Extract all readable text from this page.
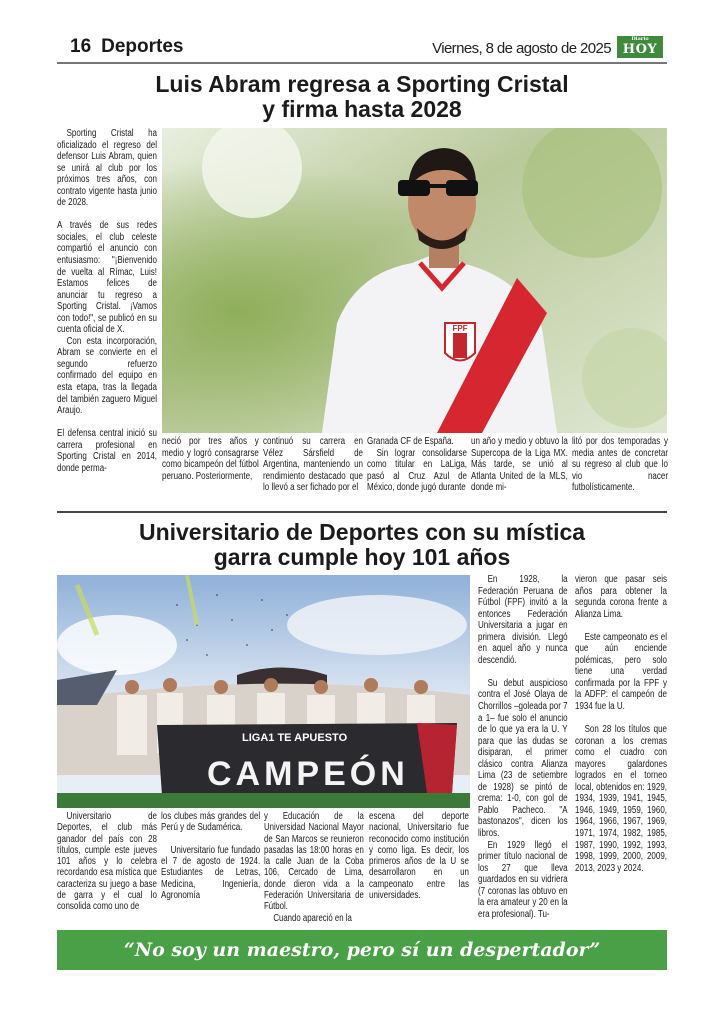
16 Deportes	Viernes, 8 de agosto de 2025
Diario
HOY
Luis Abram regresa a Sporting Cristal
y firma hasta 2028
FPF

Sporting Cristal ha oficializado el regreso del defensor Luis Abram, quien se unirá al club por los próximos tres años, con contrato vigente hasta junio de 2028.

A través de sus redes sociales, el club celeste compartió el anuncio con entusiasmo: "¡Bienvenido de vuelta al Rímac, Luis! Estamos felices de anunciar tu regreso a Sporting Cristal. ¡Vamos con todo!", se publicó en su cuenta oficial de X.

Con esta incorporación, Abram se convierte en el segundo refuerzo confirmado del equipo en esta etapa, tras la llegada del también zaguero Miguel Araujo.

El defensa central inició su carrera profesional en Sporting Cristal en 2014, donde perma-

neció por tres años y medio y logró consagrarse como bicampeón del fútbol peruano. Posteriormente,

continuó su carrera en Vélez Sársfield de Argentina, manteniendo un rendimiento destacado que lo llevó a ser fichado por el

Granada CF de España.

Sin lograr consolidarse como titular en LaLiga, pasó al Cruz Azul de México, donde jugó durante

un año y medio y obtuvo la Supercopa de la Liga MX. Más tarde, se unió al Atlanta United de la MLS, donde mi-

litó por dos temporadas y media antes de concretar su regreso al club que lo vio nacer futbolísticamente.

Universitario de Deportes con su mística
garra cumple hoy 101 años
LIGA1 TE APUESTO
CAMPEÓN

En 1928, la Federación Peruana de Fútbol (FPF) invitó a la entonces Federación Universitaria a jugar en primera división. Llegó en aquel año y nunca descendió.

Su debut auspicioso contra el José Olaya de Chorrillos –goleada por 7 a 1– fue solo el anuncio de lo que ya era la U. Y para que las dudas se disiparan, el primer clásico contra Alianza Lima (23 de setiembre de 1928) se pintó de crema: 1-0, con gol de Pablo Pacheco. "A bastonazos", dicen los libros.

En 1929 llegó el primer título nacional de los 27 que lleva guardados en su vidriera (7 coronas las obtuvo en la era amateur y 20 en la era profesional). Tu-

vieron que pasar seis años para obtener la segunda corona frente a Alianza Lima.

Este campeonato es el que aún enciende polémicas, pero solo tiene una verdad confirmada por la FPF y la ADFP: el campeón de 1934 fue la U.

Son 28 los títulos que coronan a los cremas como el cuadro con mayores galardones logrados en el torneo local, obtenidos en: 1929, 1934, 1939, 1941, 1945, 1946, 1949, 1959, 1960, 1964, 1966, 1967, 1969, 1971, 1974, 1982, 1985, 1987, 1990, 1992, 1993, 1998, 1999, 2000, 2009, 2013, 2023 y 2024.

Universitario de Deportes, el club más ganador del país con 28 títulos, cumple este jueves 101 años y lo celebra recordando esa mística que caracteriza su juego a base de garra y el cual lo consolida como uno de

los clubes más grandes del Perú y de Sudamérica.

Universitario fue fundado el 7 de agosto de 1924. Estudiantes de Letras, Medicina, Ingeniería, Agronomía

y Educación de la Universidad Nacional Mayor de San Marcos se reunieron pasadas las 18:00 horas en la calle Juan de la Coba 106, Cercado de Lima, donde dieron vida a la Federación Universitaria de Fútbol.

Cuando apareció en la

escena del deporte nacional, Universitario fue reconocido como institución y como liga. Es decir, los primeros años de la U se desarrollaron en un campeonato entre las universidades.

“No soy un maestro, pero sí un despertador”
